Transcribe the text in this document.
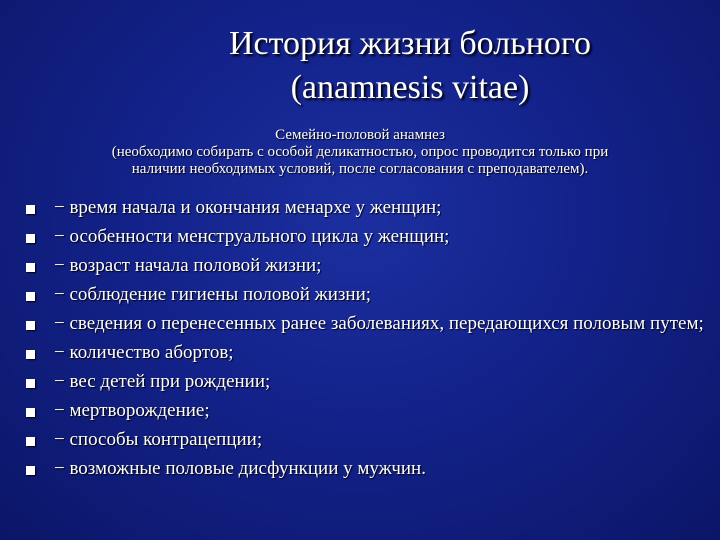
История жизни больного
(anamnesis vitae)
Семейно-половой анамнез
(необходимо собирать с особой деликатностью, опрос проводится только при
наличии необходимых условий, после согласования с преподавателем).
− время начала и окончания менархе у женщин;
− особенности менструального цикла у женщин;
− возраст начала половой жизни;
− соблюдение гигиены половой жизни;
− сведения о перенесенных ранее заболеваниях, передающихся половым путем;
− количество абортов;
− вес детей при рождении;
− мертворождение;
− способы контрацепции;
− возможные половые дисфункции у мужчин.
